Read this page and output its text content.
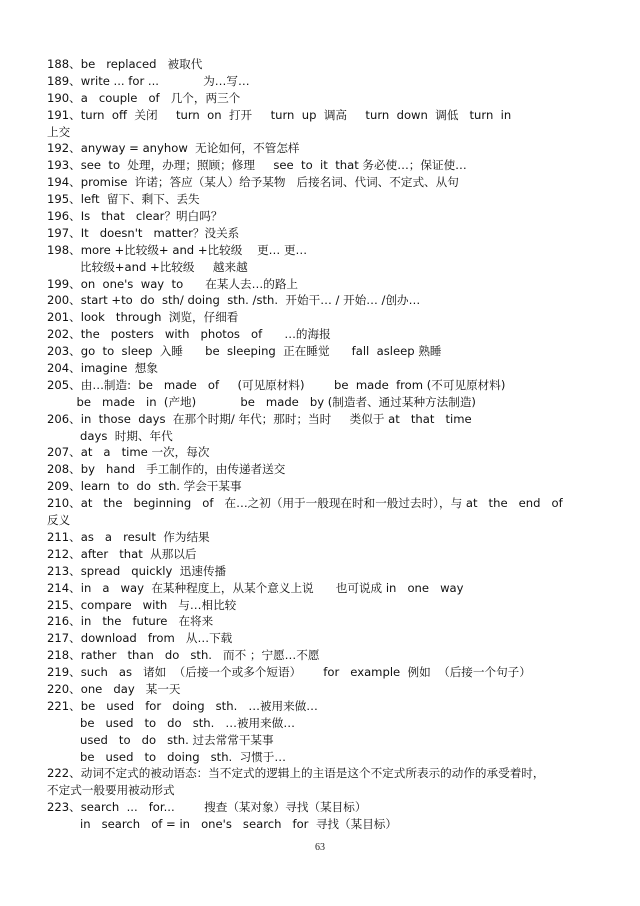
188、be   replaced   被取代
189、write ... for ...            为…写…
190、a   couple   of   几个，两三个
191、turn  off  关闭     turn  on  打开     turn  up  调高     turn  down  调低   turn  in
上交
192、anyway = anyhow  无论如何，不管怎样
193、see  to  处理，办理；照顾；修理     see  to  it  that 务必使…；保证使…
194、promise  许诺；答应（某人）给予某物   后接名词、代词、不定式、从句
195、left  留下、剩下、丢失
196、Is   that   clear？明白吗？
197、It   doesn't   matter？没关系
198、more +比较级+ and +比较级    更… 更…
比较级+and +比较级     越来越
199、on  one's  way  to      在某人去…的路上
200、start +to  do  sth/ doing  sth. /sth.  开始干… / 开始… /创办…
201、look   through  浏览，仔细看
202、the   posters   with   photos   of      …的海报
203、go  to  sleep  入睡      be  sleeping  正在睡觉      fall  asleep 熟睡
204、imagine  想象
205、由…制造:  be   made   of     (可见原材料)        be  made  from (不可见原材料)
be   made   in  (产地)            be   made   by (制造者、通过某种方法制造)
206、in  those  days  在那个时期/ 年代；那时；当时     类似于 at   that   time
days  时期、年代
207、at   a   time 一次，每次
208、by   hand   手工制作的，由传递者送交
209、learn  to  do  sth. 学会干某事
210、at   the   beginning   of   在…之初（用于一般现在时和一般过去时），与 at   the   end   of
反义
211、as   a   result  作为结果
212、after   that  从那以后
213、spread   quickly  迅速传播
214、in   a   way  在某种程度上，从某个意义上说      也可说成 in   one   way
215、compare   with   与…相比较
216、in   the   future   在将来
217、download   from   从…下载
218、rather   than   do   sth.   而不 ；宁愿…不愿
219、such   as   诸如  （后接一个或多个短语）      for   example  例如  （后接一个句子）
220、one   day   某一天
221、be   used   for   doing   sth.   …被用来做…
be   used   to   do   sth.   …被用来做…
used   to   do   sth. 过去常常干某事
be   used   to   doing   sth.  习惯于…
222、动词不定式的被动语态：当不定式的逻辑上的主语是这个不定式所表示的动作的承受着时，
不定式一般要用被动形式
223、search  ...   for...        搜查（某对象）寻找（某目标）
in   search   of = in   one's   search   for  寻找（某目标）
63
